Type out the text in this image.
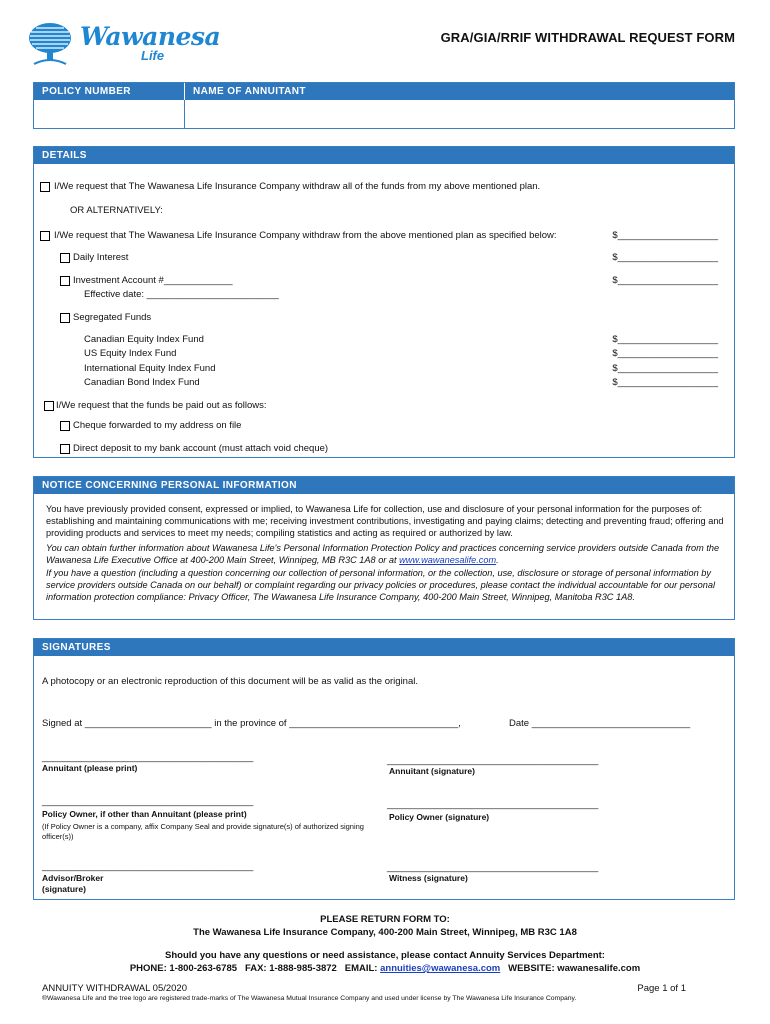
Wawanesa
Life
GRA/GIA/RRIF WITHDRAWAL REQUEST FORM
POLICY NUMBER	NAME OF ANNUITANT
DETAILS
I/We request that The Wawanesa Life Insurance Company withdraw all of the funds from my above mentioned plan.
OR ALTERNATIVELY:
I/We request that The Wawanesa Life Insurance Company withdraw from the above mentioned plan as specified below:	$___________________
Daily Interest	$___________________
Investment Account #_____________	$___________________
Effective date: _________________________
Segregated Funds
Canadian Equity Index Fund	$___________________
US Equity Index Fund	$___________________
International Equity Index Fund	$___________________
Canadian Bond Index Fund	$___________________
I/We request that the funds be paid out as follows:
Cheque forwarded to my address on file
Direct deposit to my bank account (must attach void cheque)
NOTICE CONCERNING PERSONAL INFORMATION
You have previously provided consent, expressed or implied, to Wawanesa Life for collection, use and disclosure of your personal information for the purposes of: establishing and maintaining communications with me; receiving investment contributions, investigating and paying claims; detecting and preventing fraud; offering and providing products and services to meet my needs; compiling statistics and acting as required or authorized by law.
You can obtain further information about Wawanesa Life's Personal Information Protection Policy and practices concerning service providers outside Canada from the Wawanesa Life Executive Office at 400-200 Main Street, Winnipeg, MB R3C 1A8 or at www.wawanesalife.com.
If you have a question (including a question concerning our collection of personal information, or the collection, use, disclosure or storage of personal information by service providers outside Canada on our behalf) or complaint regarding our privacy policies or procedures, please contact the individual accountable for our personal information protection compliance: Privacy Officer, The Wawanesa Life Insurance Company, 400-200 Main Street, Winnipeg, Manitoba R3C 1A8.
SIGNATURES
A photocopy or an electronic reproduction of this document will be as valid as the original.
Signed at ________________________ in the province of ________________________________,	Date ______________________________
________________________________________
Annuitant (please print)
________________________________________
Annuitant (signature)
________________________________________
Policy Owner, if other than Annuitant (please print)
(If Policy Owner is a company, affix Company Seal and provide signature(s) of authorized signing officer(s))
________________________________________
Policy Owner (signature)
________________________________________
Advisor/Broker
(signature)
________________________________________
Witness (signature)
PLEASE RETURN FORM TO:
The Wawanesa Life Insurance Company, 400-200 Main Street, Winnipeg, MB R3C 1A8
Should you have any questions or need assistance, please contact Annuity Services Department:
PHONE: 1-800-263-6785   FAX: 1-888-985-3872   EMAIL: annuities@wawanesa.com   WEBSITE: wawanesalife.com
ANNUITY WITHDRAWAL 05/2020	Page 1 of 1
®Wawanesa Life and the tree logo are registered trade-marks of The Wawanesa Mutual Insurance Company and used under license by The Wawanesa Life Insurance Company.
